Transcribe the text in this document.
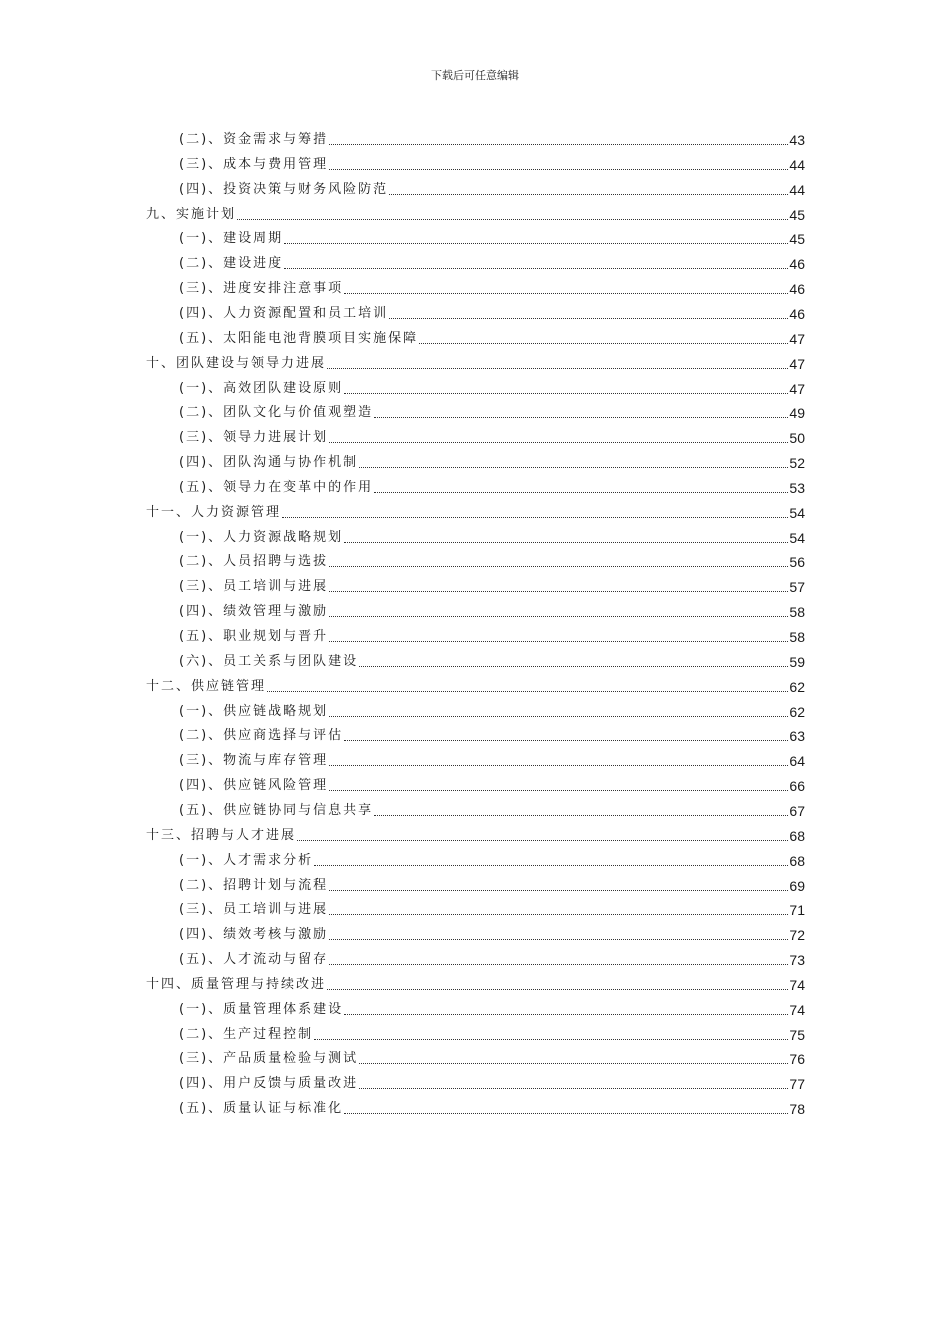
下载后可任意编辑
(二)、资金需求与筹措	43
(三)、成本与费用管理	44
(四)、投资决策与财务风险防范	44
九、实施计划	45
(一)、建设周期	45
(二)、建设进度	46
(三)、进度安排注意事项	46
(四)、人力资源配置和员工培训	46
(五)、太阳能电池背膜项目实施保障	47
十、团队建设与领导力进展	47
(一)、高效团队建设原则	47
(二)、团队文化与价值观塑造	49
(三)、领导力进展计划	50
(四)、团队沟通与协作机制	52
(五)、领导力在变革中的作用	53
十一、人力资源管理	54
(一)、人力资源战略规划	54
(二)、人员招聘与选拔	56
(三)、员工培训与进展	57
(四)、绩效管理与激励	58
(五)、职业规划与晋升	58
(六)、员工关系与团队建设	59
十二、供应链管理	62
(一)、供应链战略规划	62
(二)、供应商选择与评估	63
(三)、物流与库存管理	64
(四)、供应链风险管理	66
(五)、供应链协同与信息共享	67
十三、招聘与人才进展	68
(一)、人才需求分析	68
(二)、招聘计划与流程	69
(三)、员工培训与进展	71
(四)、绩效考核与激励	72
(五)、人才流动与留存	73
十四、质量管理与持续改进	74
(一)、质量管理体系建设	74
(二)、生产过程控制	75
(三)、产品质量检验与测试	76
(四)、用户反馈与质量改进	77
(五)、质量认证与标准化	78
